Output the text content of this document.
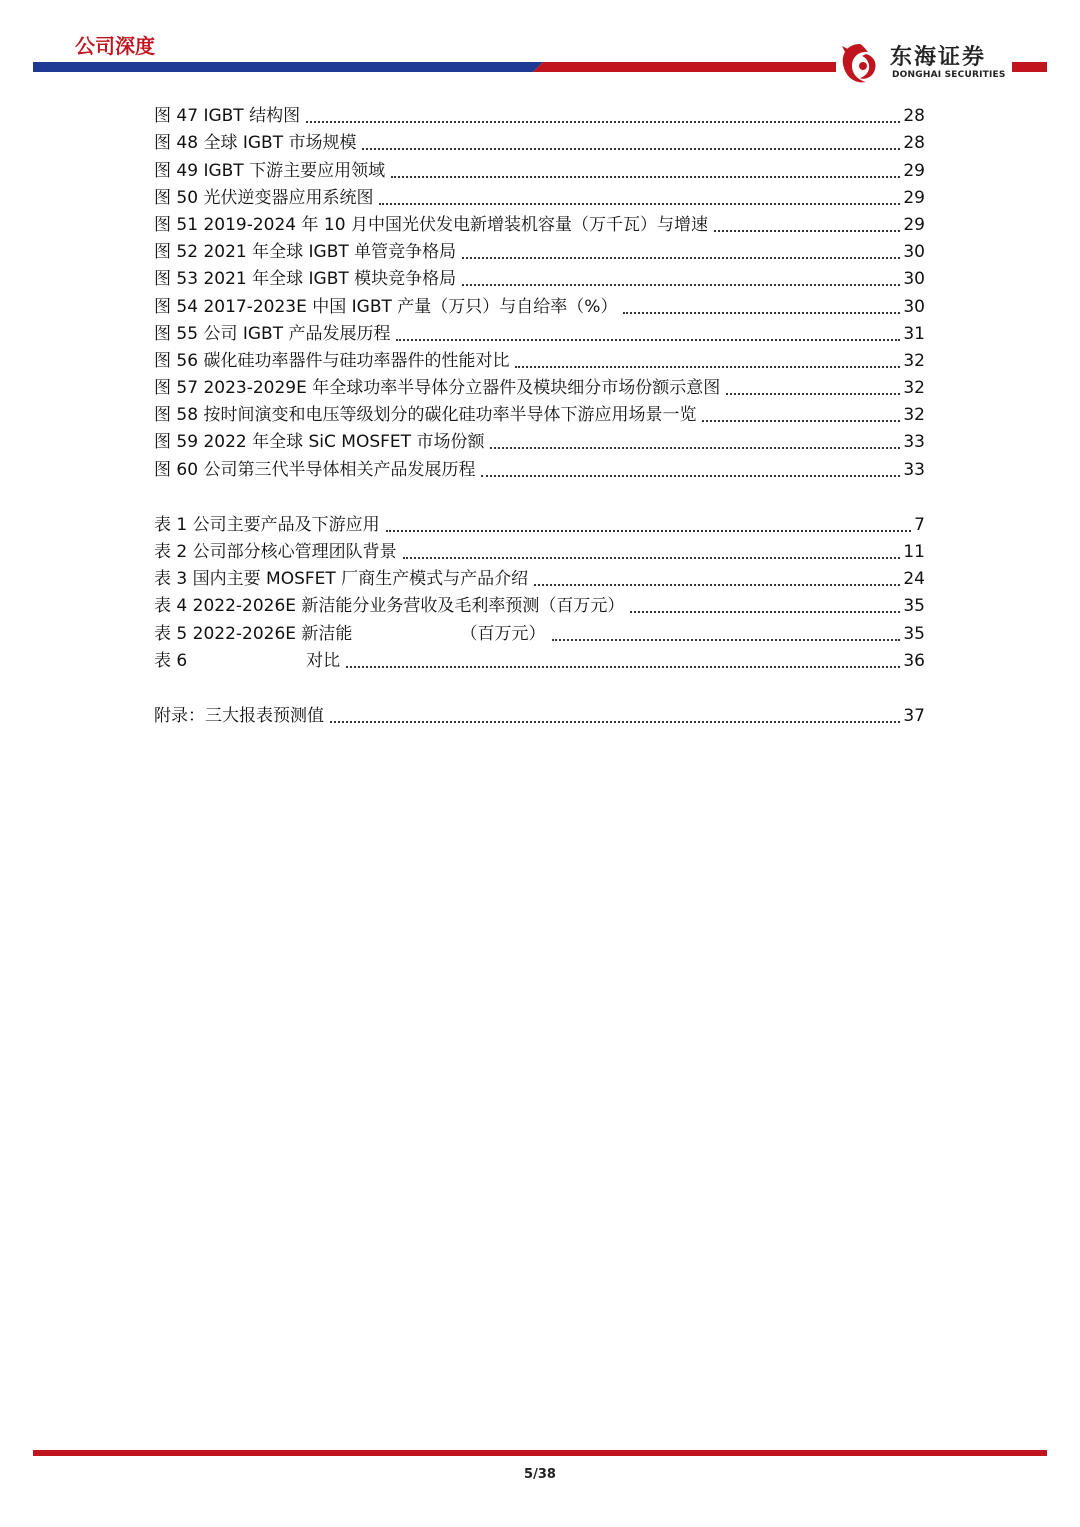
公司深度	东海证券
DONGHAI SECURITIES
图 47 IGBT 结构图	28
图 48 全球 IGBT 市场规模	28
图 49 IGBT 下游主要应用领域	29
图 50 光伏逆变器应用系统图	29
图 51 2019-2024 年 10 月中国光伏发电新增装机容量（万千瓦）与增速	29
图 52 2021 年全球 IGBT 单管竞争格局	30
图 53 2021 年全球 IGBT 模块竞争格局	30
图 54 2017-2023E 中国 IGBT 产量（万只）与自给率（%）	30
图 55 公司 IGBT 产品发展历程	31
图 56 碳化硅功率器件与硅功率器件的性能对比	32
图 57 2023-2029E 年全球功率半导体分立器件及模块细分市场份额示意图	32
图 58 按时间演变和电压等级划分的碳化硅功率半导体下游应用场景一览	32
图 59 2022 年全球 SiC MOSFET 市场份额	33
图 60 公司第三代半导体相关产品发展历程	33
表 1 公司主要产品及下游应用	7
表 2 公司部分核心管理团队背景	11
表 3 国内主要 MOSFET 厂商生产模式与产品介绍	24
表 4 2022-2026E 新洁能分业务营收及毛利率预测（百万元）	35
表 5 2022-2026E 新洁能                    （百万元）	35
表 6                      对比	36
附录：三大报表预测值	37
5/38
